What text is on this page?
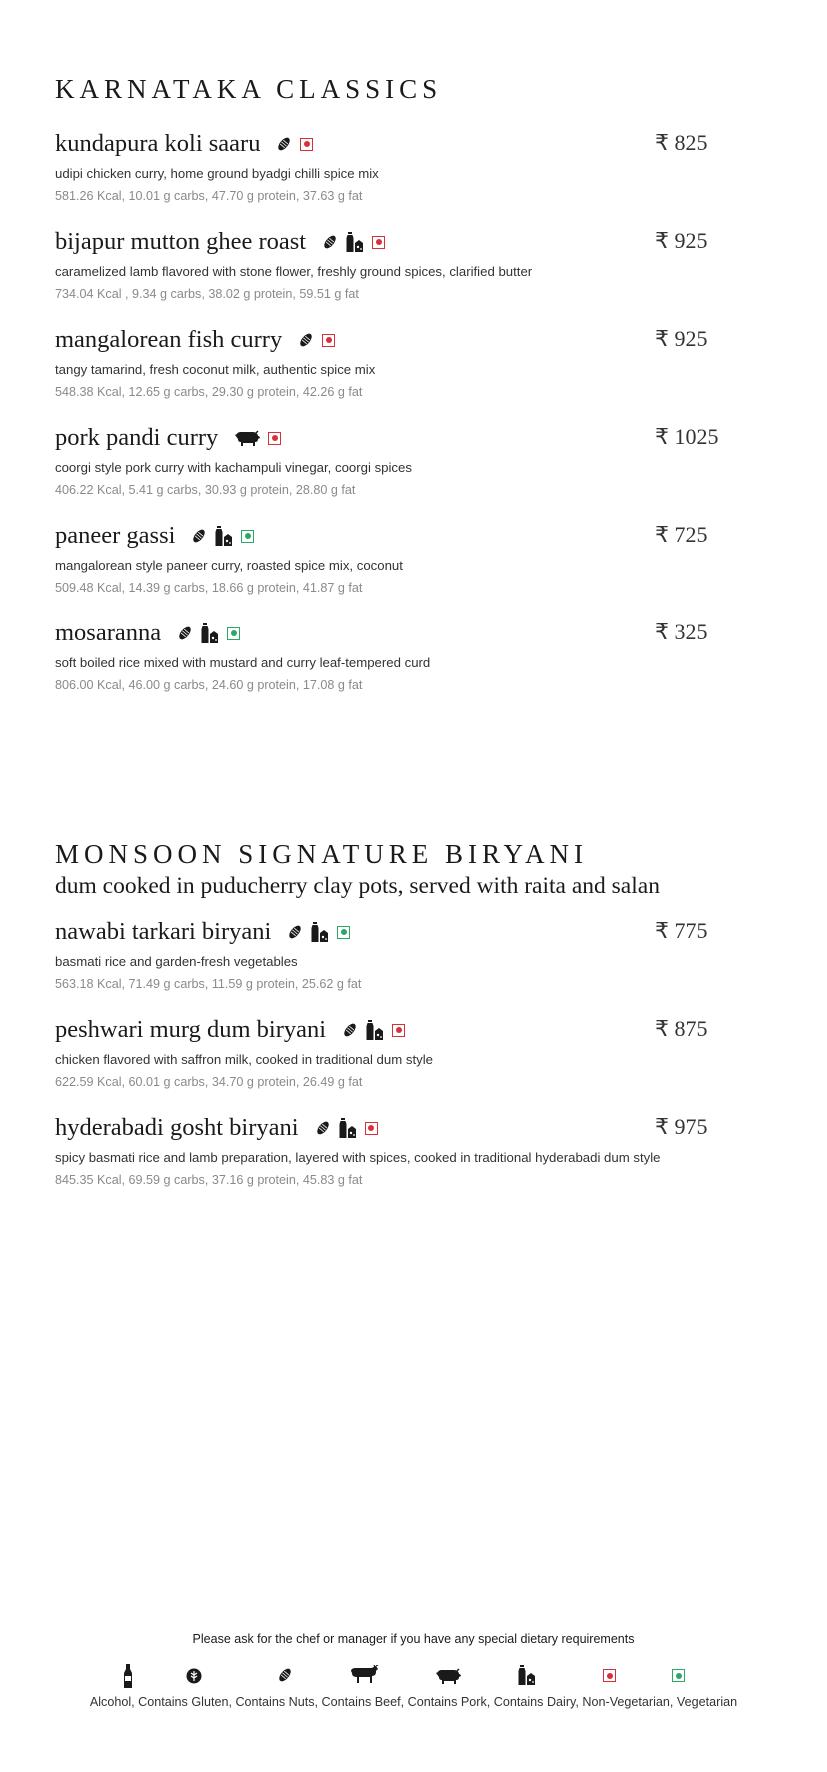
KARNATAKA CLASSICS
MONSOON SIGNATURE BIRYANI
dum cooked in puducherry clay pots, served with raita and salan
kundapura koli saaru	₹ 825
udipi chicken curry, home ground byadgi chilli spice mix
581.26 Kcal, 10.01 g carbs, 47.70 g protein, 37.63 g fat
bijapur mutton ghee roast	₹ 925
caramelized lamb flavored with stone flower, freshly ground spices, clarified butter
734.04 Kcal , 9.34 g carbs, 38.02 g protein, 59.51 g fat
mangalorean fish curry	₹ 925
tangy tamarind, fresh coconut milk, authentic spice mix
548.38 Kcal, 12.65 g carbs, 29.30 g protein, 42.26 g fat
pork pandi curry	₹ 1025
coorgi style pork curry with kachampuli vinegar, coorgi spices
406.22 Kcal, 5.41 g carbs, 30.93 g protein, 28.80 g fat
paneer gassi	₹ 725
mangalorean style paneer curry, roasted spice mix, coconut
509.48 Kcal, 14.39 g carbs, 18.66 g protein, 41.87 g fat
mosaranna	₹ 325
soft boiled rice mixed with mustard and curry leaf-tempered curd
806.00 Kcal, 46.00 g carbs, 24.60 g protein, 17.08 g fat
nawabi tarkari biryani	₹ 775
basmati rice and garden-fresh vegetables
563.18 Kcal, 71.49 g carbs, 11.59 g protein, 25.62 g fat
peshwari murg dum biryani	₹ 875
chicken flavored with saffron milk, cooked in traditional dum style
622.59 Kcal, 60.01 g carbs, 34.70 g protein, 26.49 g fat
hyderabadi gosht biryani	₹ 975
spicy basmati rice and lamb preparation, layered with spices, cooked in traditional hyderabadi dum style
845.35 Kcal, 69.59 g carbs, 37.16 g protein, 45.83 g fat
Please ask for the chef or manager if you have any special dietary requirements
Alcohol, Contains Gluten, Contains Nuts, Contains Beef, Contains Pork, Contains Dairy, Non-Vegetarian, Vegetarian
